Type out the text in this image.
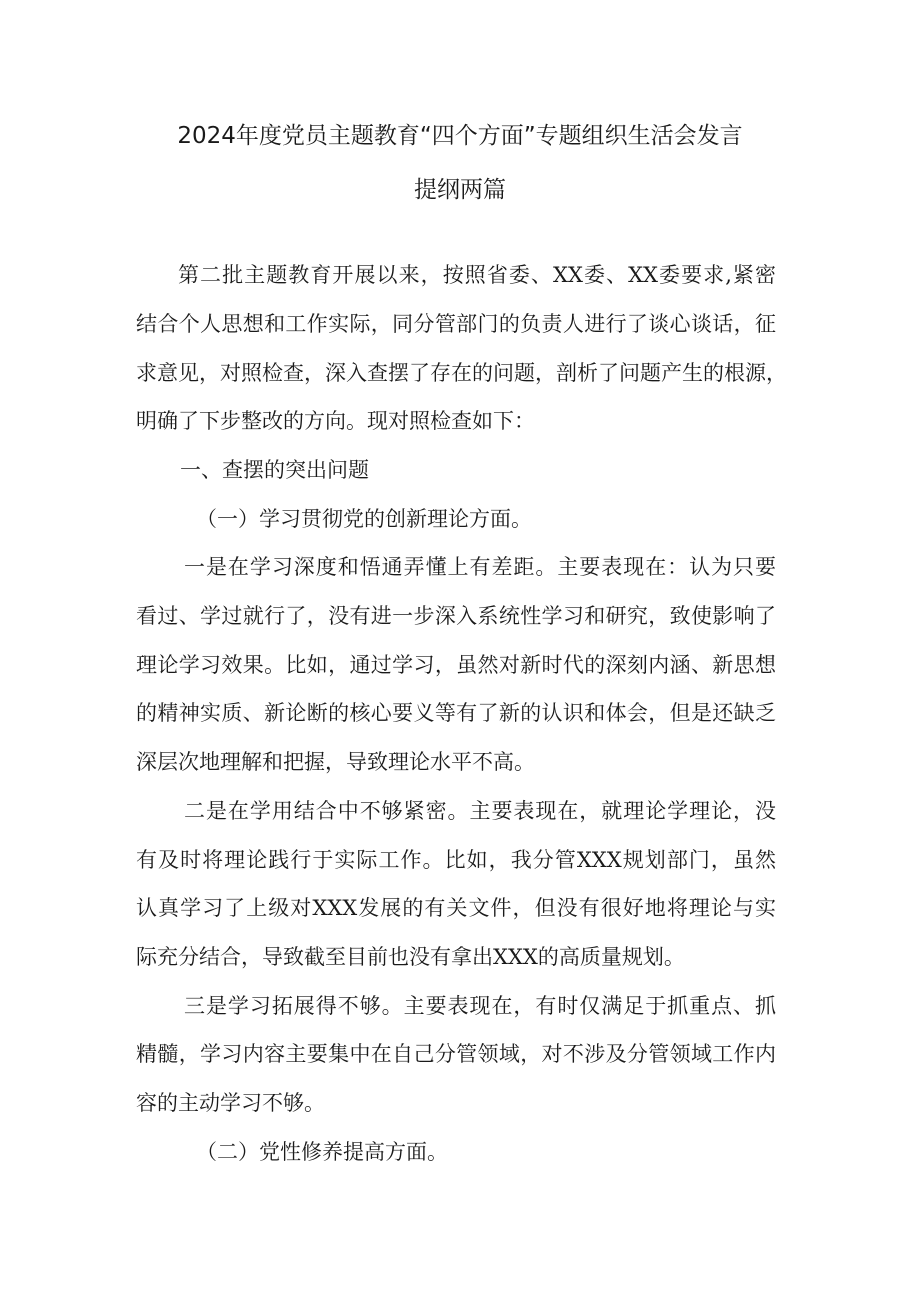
2024年度党员主题教育“四个方面”专题组织生活会发言
提纲两篇
第二批主题教育开展以来，按照省委、XX委、XX委要求,紧密
结合个人思想和工作实际，同分管部门的负责人进行了谈心谈话，征
求意见，对照检查，深入查摆了存在的问题，剖析了问题产生的根源，
明确了下步整改的方向。现对照检查如下：
一、查摆的突出问题
（一）学习贯彻党的创新理论方面。
一是在学习深度和悟通弄懂上有差距。主要表现在：认为只要
看过、学过就行了，没有进一步深入系统性学习和研究，致使影响了
理论学习效果。比如，通过学习，虽然对新时代的深刻内涵、新思想
的精神实质、新论断的核心要义等有了新的认识和体会，但是还缺乏
深层次地理解和把握，导致理论水平不高。
二是在学用结合中不够紧密。主要表现在，就理论学理论，没
有及时将理论践行于实际工作。比如，我分管XXX规划部门，虽然
认真学习了上级对XXX发展的有关文件，但没有很好地将理论与实
际充分结合，导致截至目前也没有拿出XXX的高质量规划。
三是学习拓展得不够。主要表现在，有时仅满足于抓重点、抓
精髓，学习内容主要集中在自己分管领域，对不涉及分管领域工作内
容的主动学习不够。
（二）党性修养提高方面。
